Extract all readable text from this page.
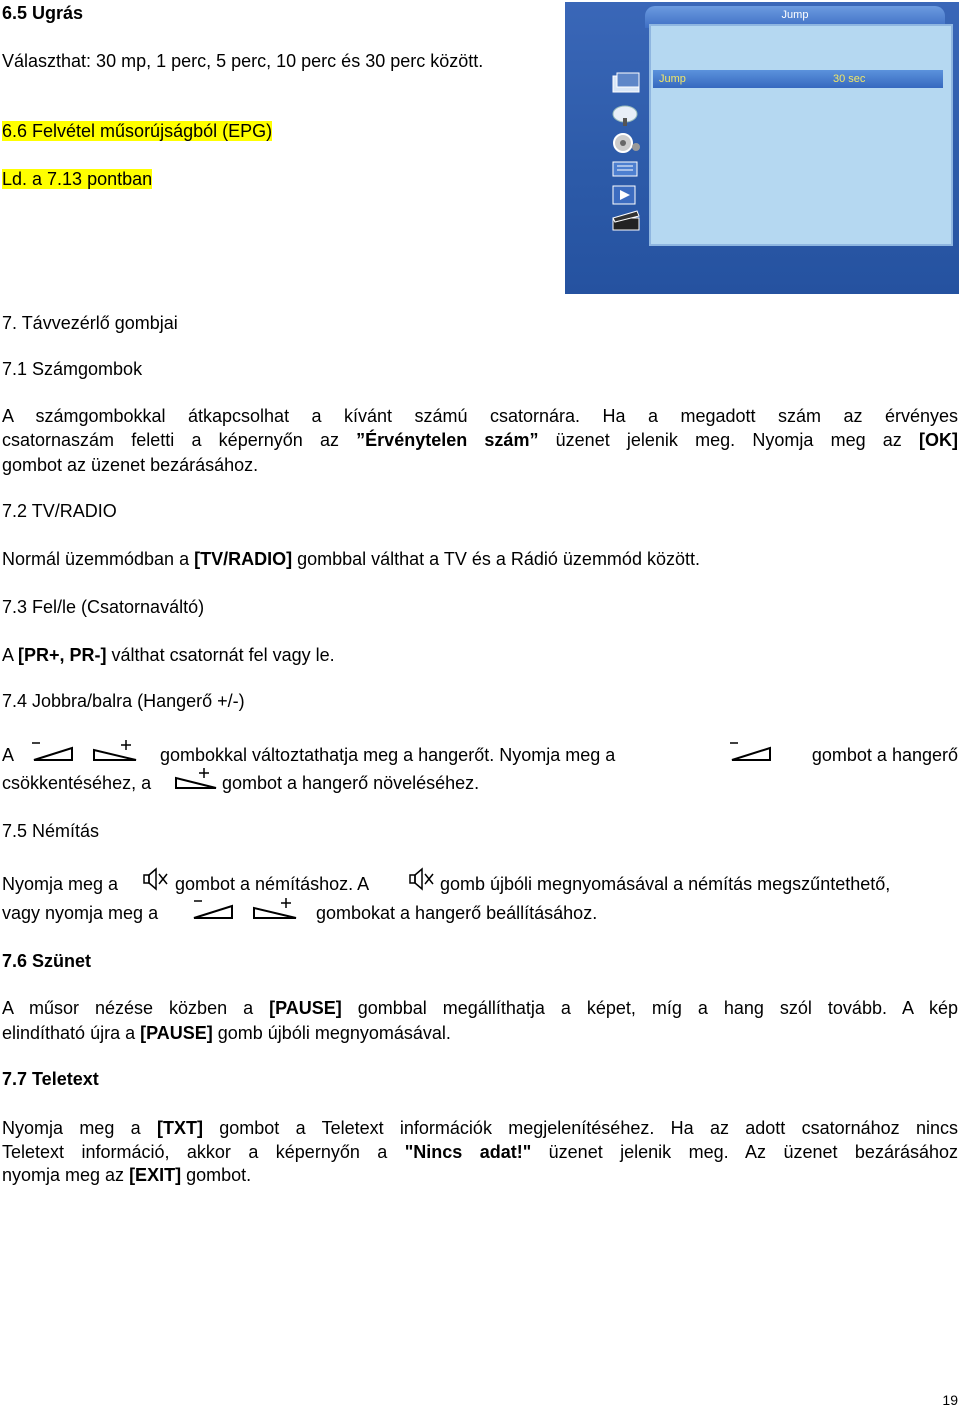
6.5 Ugrás
Választhat: 30 mp, 1 perc, 5 perc, 10 perc és 30 perc között.
6.6 Felvétel műsorújságból (EPG)
Ld. a 7.13 pontban
Jump
Jump	30 sec
7. Távvezérlő gombjai
7.1 Számgombok
A számgombokkal átkapcsolhat a kívánt számú csatornára. Ha a megadott szám az érvényes
csatornaszám feletti a képernyőn az ”Érvénytelen szám” üzenet jelenik meg. Nyomja meg az [OK]
gombot az üzenet bezárásához.
7.2 TV/RADIO
Normál üzemmódban a [TV/RADIO] gombbal válthat a TV és a Rádió üzemmód között.
7.3 Fel/le (Csatornaváltó)
A [PR+, PR-] válthat csatornát fel vagy le.
7.4 Jobbra/balra (Hangerő +/-)
A	gombokkal változtathatja meg a hangerőt. Nyomja meg a	gombot a hangerő
csökkentéséhez, a	gombot a hangerő növeléséhez.
7.5 Némítás
Nyomja meg a	gombot a némításhoz. A	gomb újbóli megnyomásával a némítás megszűntethető,
vagy nyomja meg a	gombokat a hangerő beállításához.
7.6 Szünet
A műsor nézése közben a [PAUSE] gombbal megállíthatja a képet, míg a hang szól tovább. A kép
elindítható újra a [PAUSE] gomb újbóli megnyomásával.
7.7 Teletext
Nyomja meg a [TXT] gombot a Teletext információk megjelenítéséhez. Ha az adott csatornához nincs
Teletext információ, akkor a képernyőn a "Nincs adat!" üzenet jelenik meg. Az üzenet bezárásához
nyomja meg az [EXIT] gombot.
19
